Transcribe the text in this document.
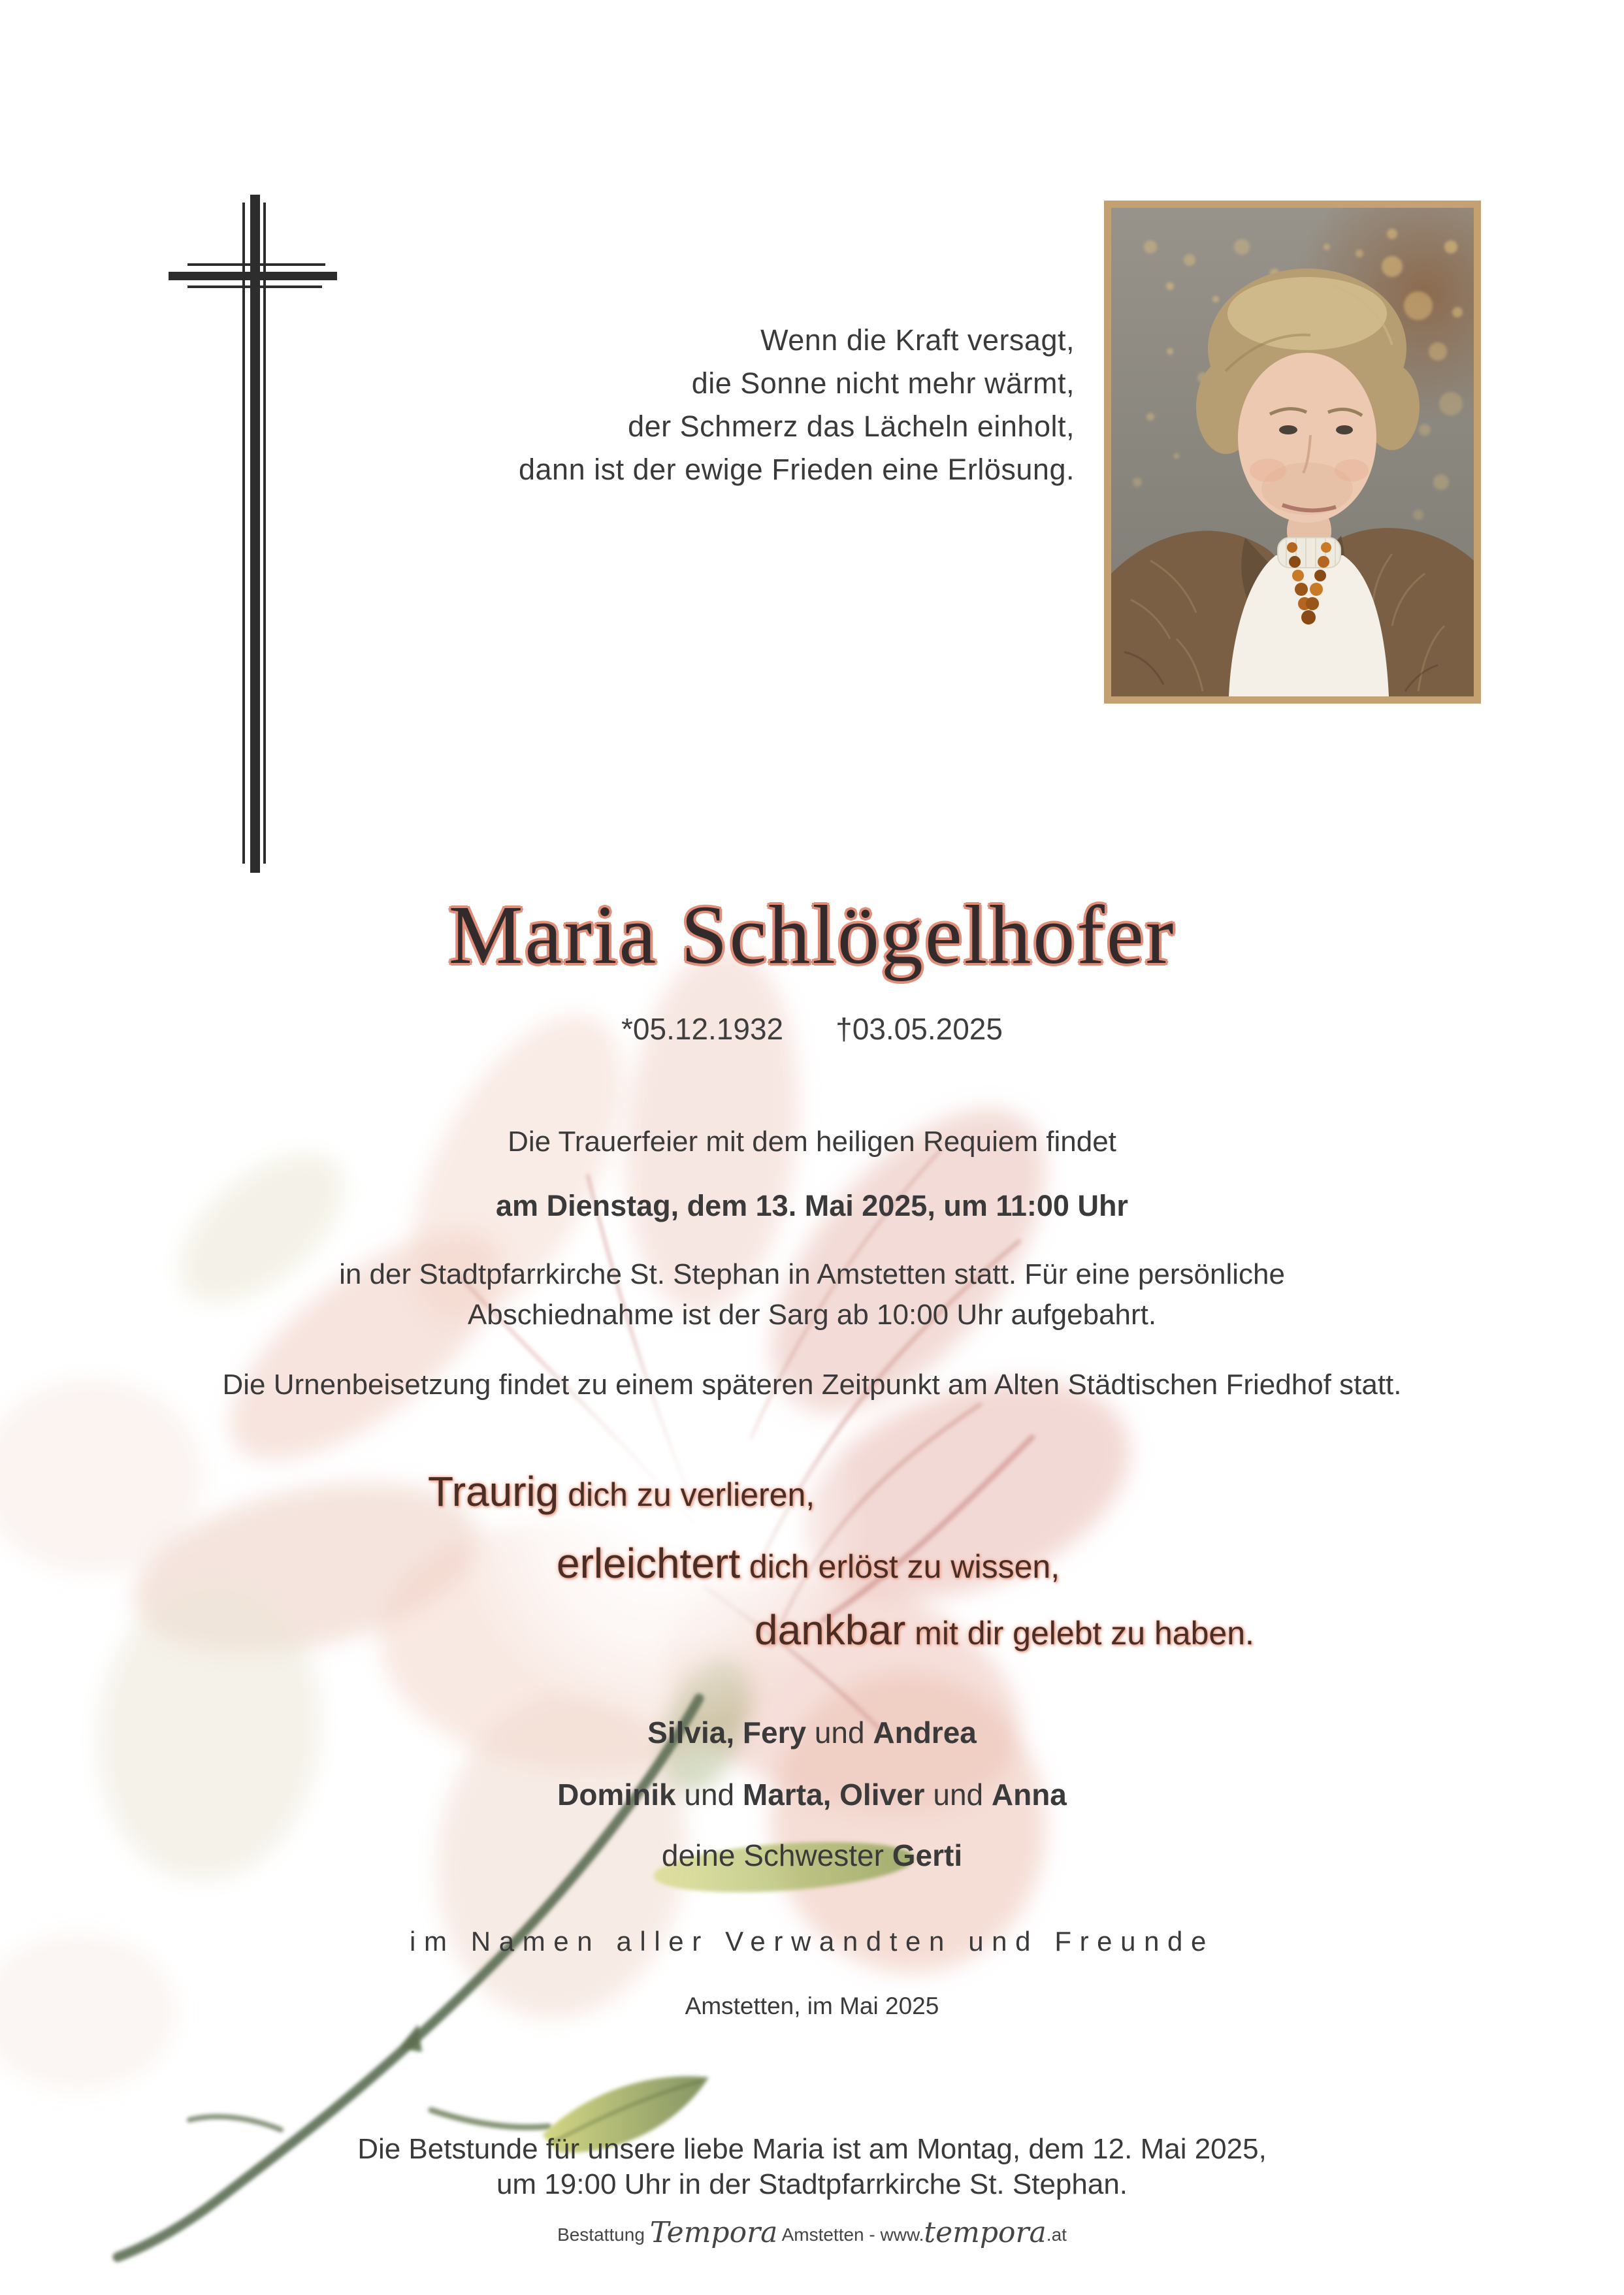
Wenn die Kraft versagt,
die Sonne nicht mehr wärmt,
der Schmerz das Lächeln einholt,
dann ist der ewige Frieden eine Erlösung.
Maria Schlögelhofer
*05.12.1932 †03.05.2025
Die Trauerfeier mit dem heiligen Requiem findet
am Dienstag, dem 13. Mai 2025, um 11:00 Uhr
in der Stadtpfarrkirche St. Stephan in Amstetten statt. Für eine persönliche
Abschiednahme ist der Sarg ab 10:00 Uhr aufgebahrt.
Die Urnenbeisetzung findet zu einem späteren Zeitpunkt am Alten Städtischen Friedhof statt.
Traurig dich zu verlieren,
erleichtert dich erlöst zu wissen,
dankbar mit dir gelebt zu haben.
Silvia, Fery und Andrea
Dominik und Marta, Oliver und Anna
deine Schwester Gerti
im Namen aller Verwandten und Freunde
Amstetten, im Mai 2025
Die Betstunde für unsere liebe Maria ist am Montag, dem 12. Mai 2025,
um 19:00 Uhr in der Stadtpfarrkirche St. Stephan.
Bestattung Tempora Amstetten - www.tempora.at
